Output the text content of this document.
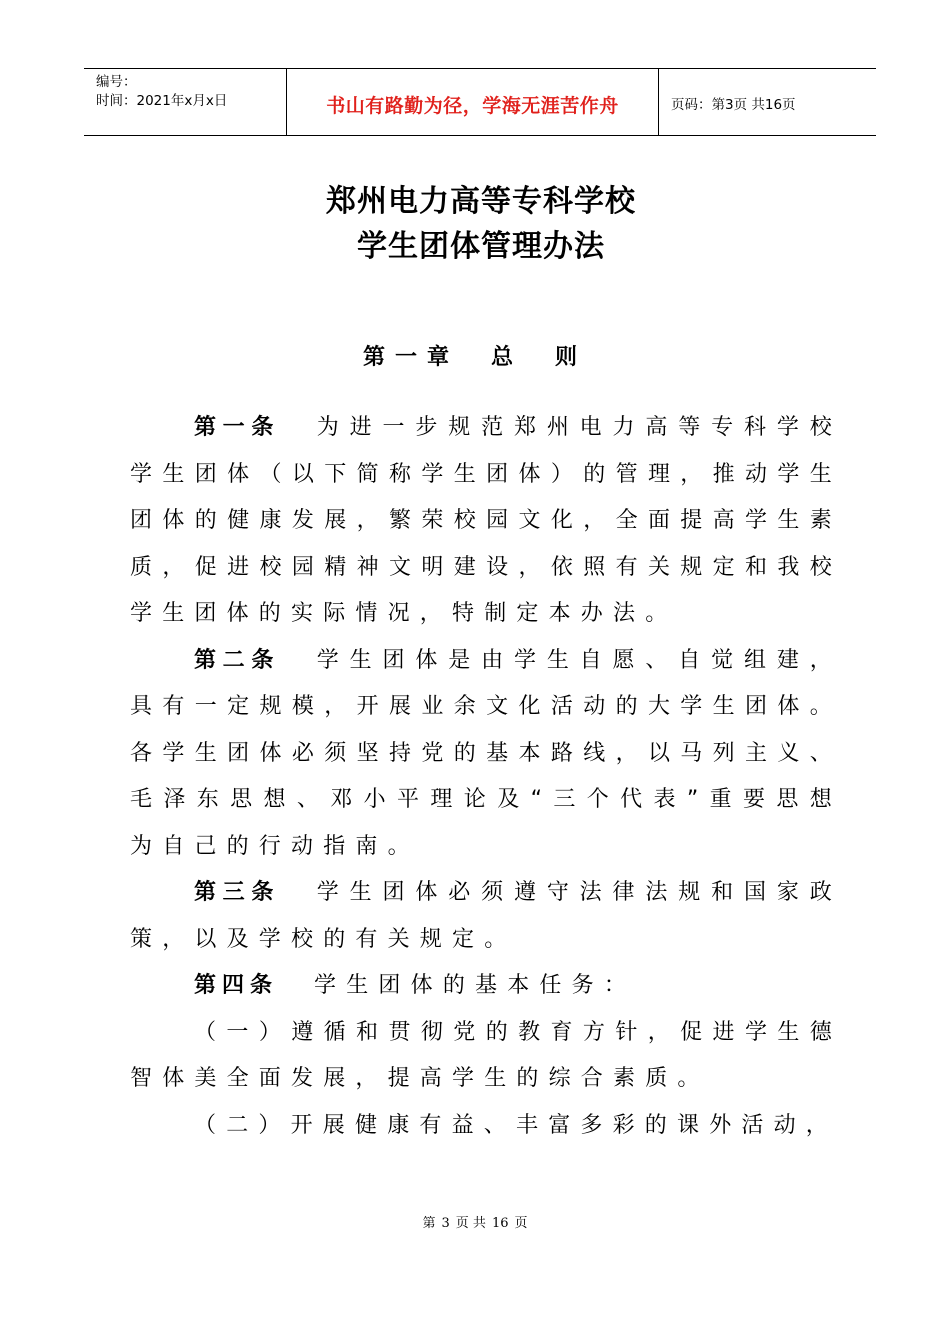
编号：
时间：2021年x月x日	书山有路勤为径，学海无涯苦作舟	页码：第3页 共16页
郑州电力高等专科学校
学生团体管理办法
第一章　总　则

第一条 为进一步规范郑州电力高等专科学校学生团体（以下简称学生团体）的管理，推动学生团体的健康发展，繁荣校园文化，全面提高学生素质，促进校园精神文明建设，依照有关规定和我校学生团体的实际情况，特制定本办法。

第二条 学生团体是由学生自愿、自觉组建，具有一定规模，开展业余文化活动的大学生团体。各学生团体必须坚持党的基本路线，以马列主义、毛泽东思想、邓小平理论及“三个代表”重要思想为自己的行动指南。

第三条 学生团体必须遵守法律法规和国家政策，以及学校的有关规定。

第四条 学生团体的基本任务：

（一）遵循和贯彻党的教育方针，促进学生德智体美全面发展，提高学生的综合素质。

（二）开展健康有益、丰富多彩的课外活动，

第 3 页 共 16 页
